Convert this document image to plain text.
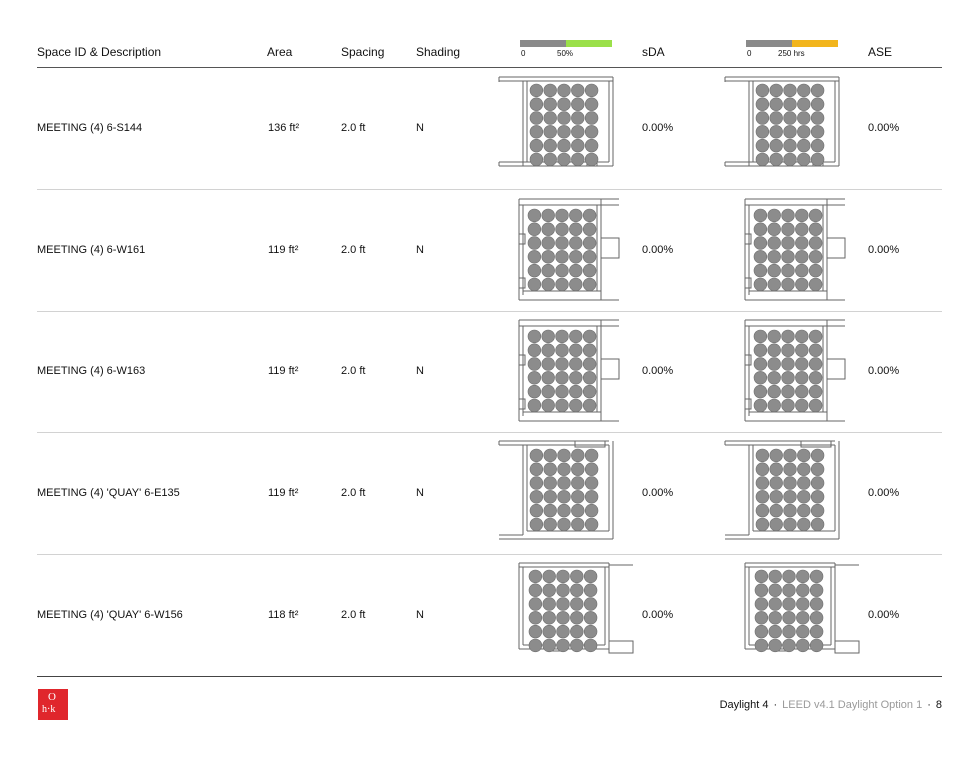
Space ID & Description	Area	Spacing	Shading	sDA	ASE
0	50%	0	250 hrs
MEETING (4) 6-S144	136 ft²	2.0 ft	N	0.00%	0.00%
MEETING (4) 6-W161	119 ft²	2.0 ft	N	0.00%	0.00%
MEETING (4) 6-W163	119 ft²	2.0 ft	N	0.00%	0.00%
MEETING (4) 'QUAY' 6-E135	119 ft²	2.0 ft	N	0.00%	0.00%
MEETING (4) 'QUAY' 6-W156	118 ft²	2.0 ft	N	0.00%	0.00%
O
h·k	Daylight 4 · LEED v4.1 Daylight Option 1 · 8
